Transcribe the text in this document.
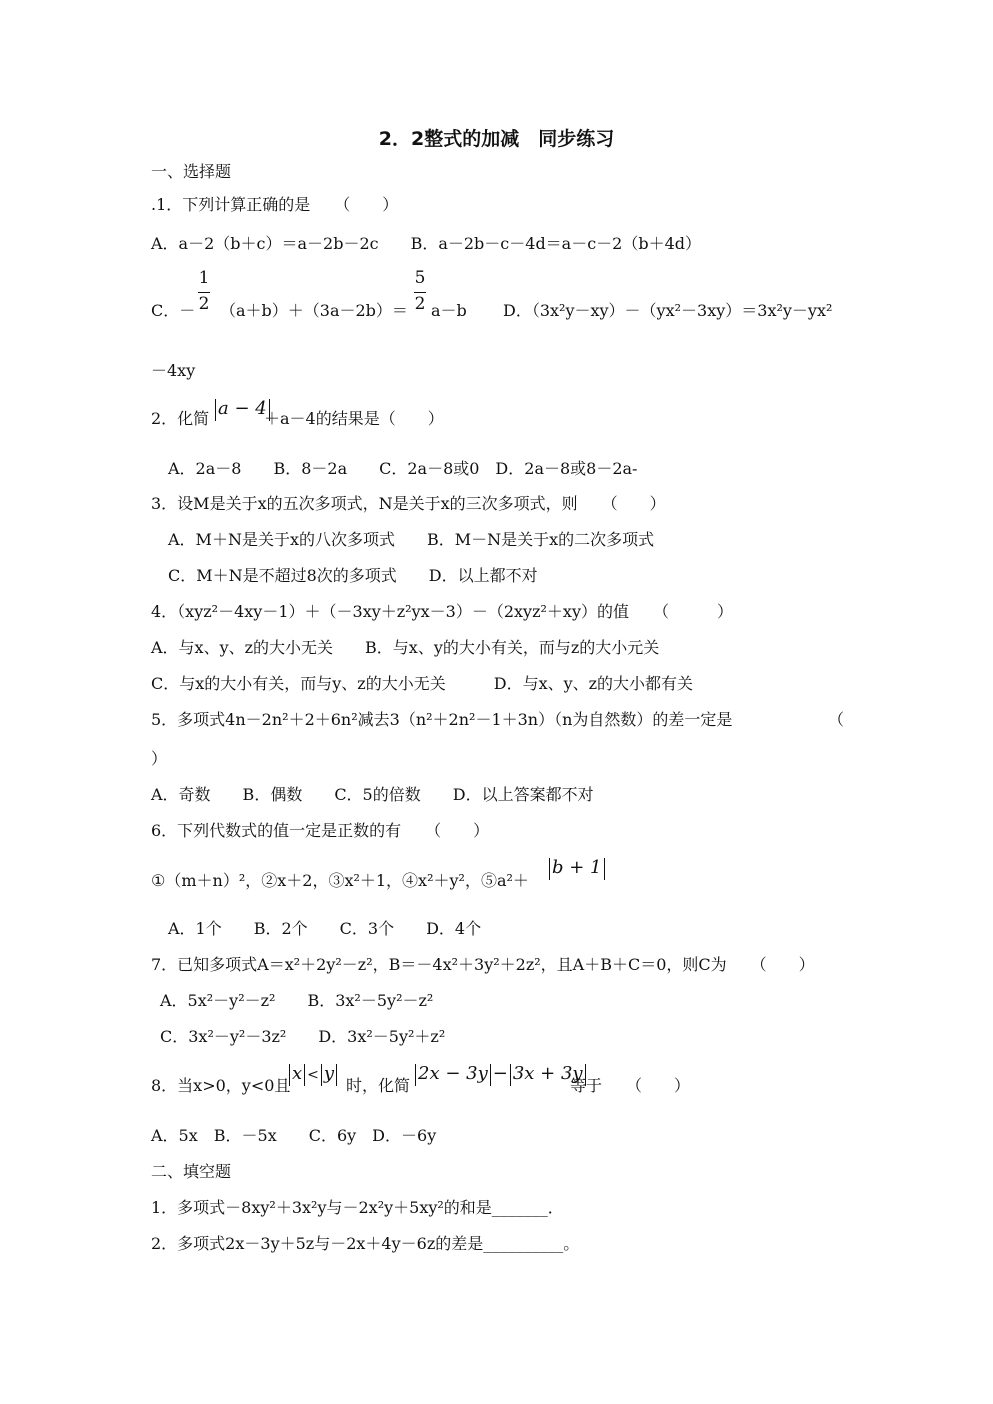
2．2整式的加减　同步练习
一、选择题
.1．下列计算正确的是　　（　　）
A．a－2（b＋c）＝a－2b－2c　　B．a－2b－c－4d＝a－c－2（b＋4d）
C．－
1
2 （a＋b）＋（3a－2b）＝
5
2 a－b D．（3x²y－xy）－（yx²－3xy）＝3x²y－yx²
－4xy
2．化简 a − 4
＋a－4的结果是（　　）
A．2a－8　　B．8－2a　　C．2a－8或0　D．2a－8或8－2a-
3．设M是关于x的五次多项式，N是关于x的三次多项式，则　　（　　）
A．M＋N是关于x的八次多项式　　B．M－N是关于x的二次多项式
C．M＋N是不超过8次的多项式　　D．以上都不对
4．（xyz²－4xy－1）＋（－3xy＋z²yx－3）－（2xyz²＋xy）的值　　（　　　）
A．与x、y、z的大小无关　　B．与x、y的大小有关，而与z的大小元关
C．与x的大小有关，而与y、z的大小无关　　　D．与x、y、z的大小都有关
5．多项式4n－2n²＋2＋6n²减去3（n²＋2n²－1＋3n）（n为自然数）的差一定是	（
）
A．奇数　　B．偶数　　C．5的倍数　　D．以上答案都不对
6．下列代数式的值一定是正数的有　　（　　）
①（m＋n）²，②x＋2，③x²＋1，④x²＋y²，⑤a²＋
b + 1
A．1个　　B．2个　　C．3个　　D．4个
7．已知多项式A＝x²＋2y²－z²，B＝－4x²＋3y²＋2z²，且A＋B＋C＝0，则C为　　（　　）
A．5x²－y²－z²　　B．3x²－5y²－z²
C．3x²－y²－3z²　　D．3x²－5y²＋z²
8．当x>0，y<0且
x < y
时，化简
2x − 3y − 3x + 3y
等于　　（　　）
A．5x　B．－5x　　C．6y　D．－6y
二、填空题
1．多项式－8xy²＋3x²y与－2x²y＋5xy²的和是_______．
2．多项式2x－3y＋5z与－2x＋4y－6z的差是__________。
